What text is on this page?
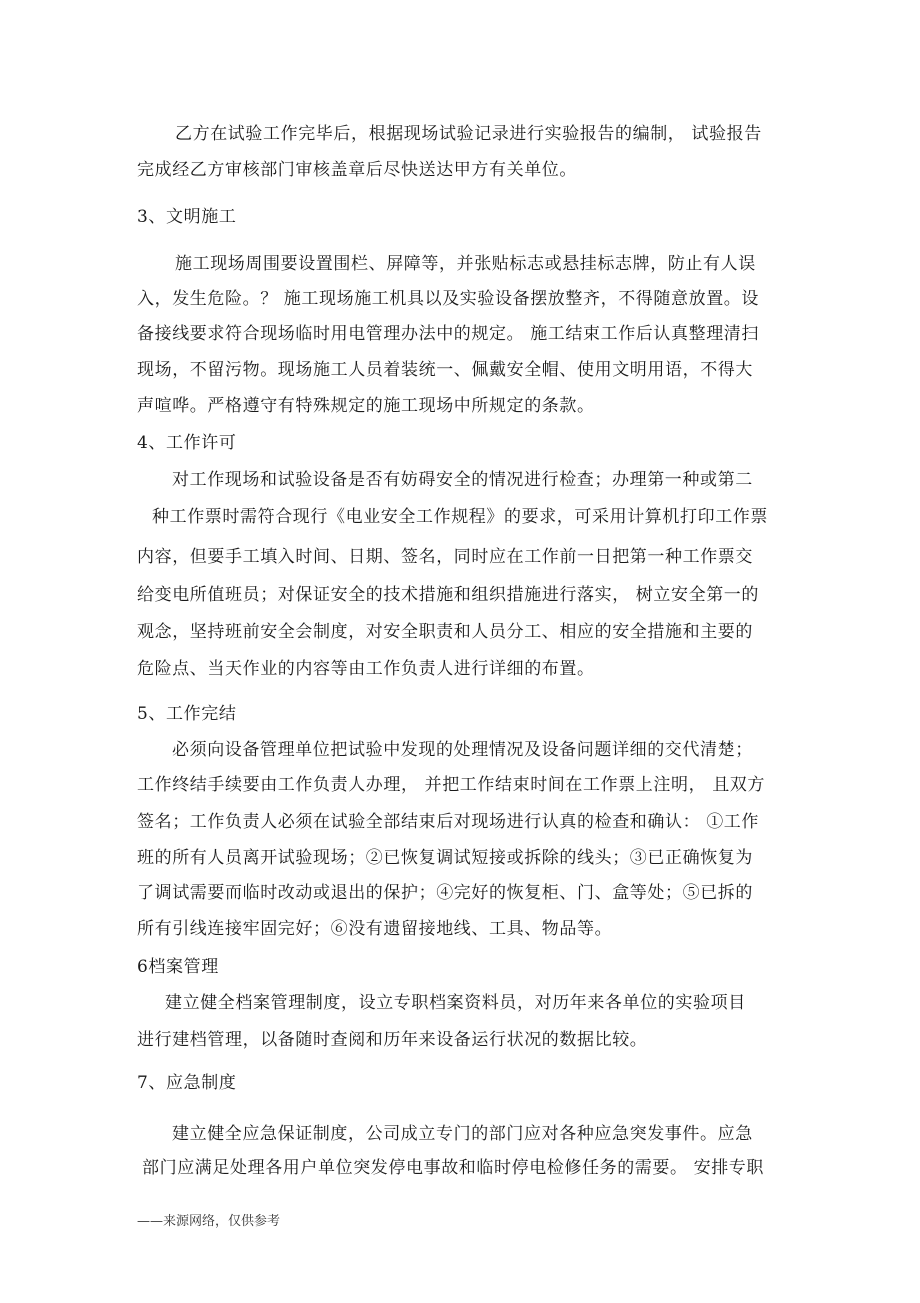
乙方在试验工作完毕后，根据现场试验记录进行实验报告的编制， 试验报告
完成经乙方审核部门审核盖章后尽快送达甲方有关单位。
3、文明施工
施工现场周围要设置围栏、屏障等，并张贴标志或悬挂标志牌，防止有人误
入，发生危险。？ 施工现场施工机具以及实验设备摆放整齐，不得随意放置。设
备接线要求符合现场临时用电管理办法中的规定。 施工结束工作后认真整理清扫
现场，不留污物。现场施工人员着装统一、佩戴安全帽、使用文明用语，不得大
声喧哗。严格遵守有特殊规定的施工现场中所规定的条款。
4、工作许可
对工作现场和试验设备是否有妨碍安全的情况进行检查；办理第一种或第二
种工作票时需符合现行《电业安全工作规程》的要求，可采用计算机打印工作票
内容，但要手工填入时间、日期、签名，同时应在工作前一日把第一种工作票交
给变电所值班员；对保证安全的技术措施和组织措施进行落实， 树立安全第一的
观念，坚持班前安全会制度，对安全职责和人员分工、相应的安全措施和主要的
危险点、当天作业的内容等由工作负责人进行详细的布置。
5、工作完结
必须向设备管理单位把试验中发现的处理情况及设备问题详细的交代清楚；
工作终结手续要由工作负责人办理， 并把工作结束时间在工作票上注明， 且双方
签名；工作负责人必须在试验全部结束后对现场进行认真的检查和确认： ①工作
班的所有人员离开试验现场；②已恢复调试短接或拆除的线头；③已正确恢复为
了调试需要而临时改动或退出的保护；④完好的恢复柜、门、盒等处；⑤已拆的
所有引线连接牢固完好；⑥没有遗留接地线、工具、物品等。
6档案管理
建立健全档案管理制度，设立专职档案资料员，对历年来各单位的实验项目
进行建档管理，以备随时查阅和历年来设备运行状况的数据比较。
7、应急制度
建立健全应急保证制度，公司成立专门的部门应对各种应急突发事件。应急
部门应满足处理各用户单位突发停电事故和临时停电检修任务的需要。 安排专职
——来源网络，仅供参考
